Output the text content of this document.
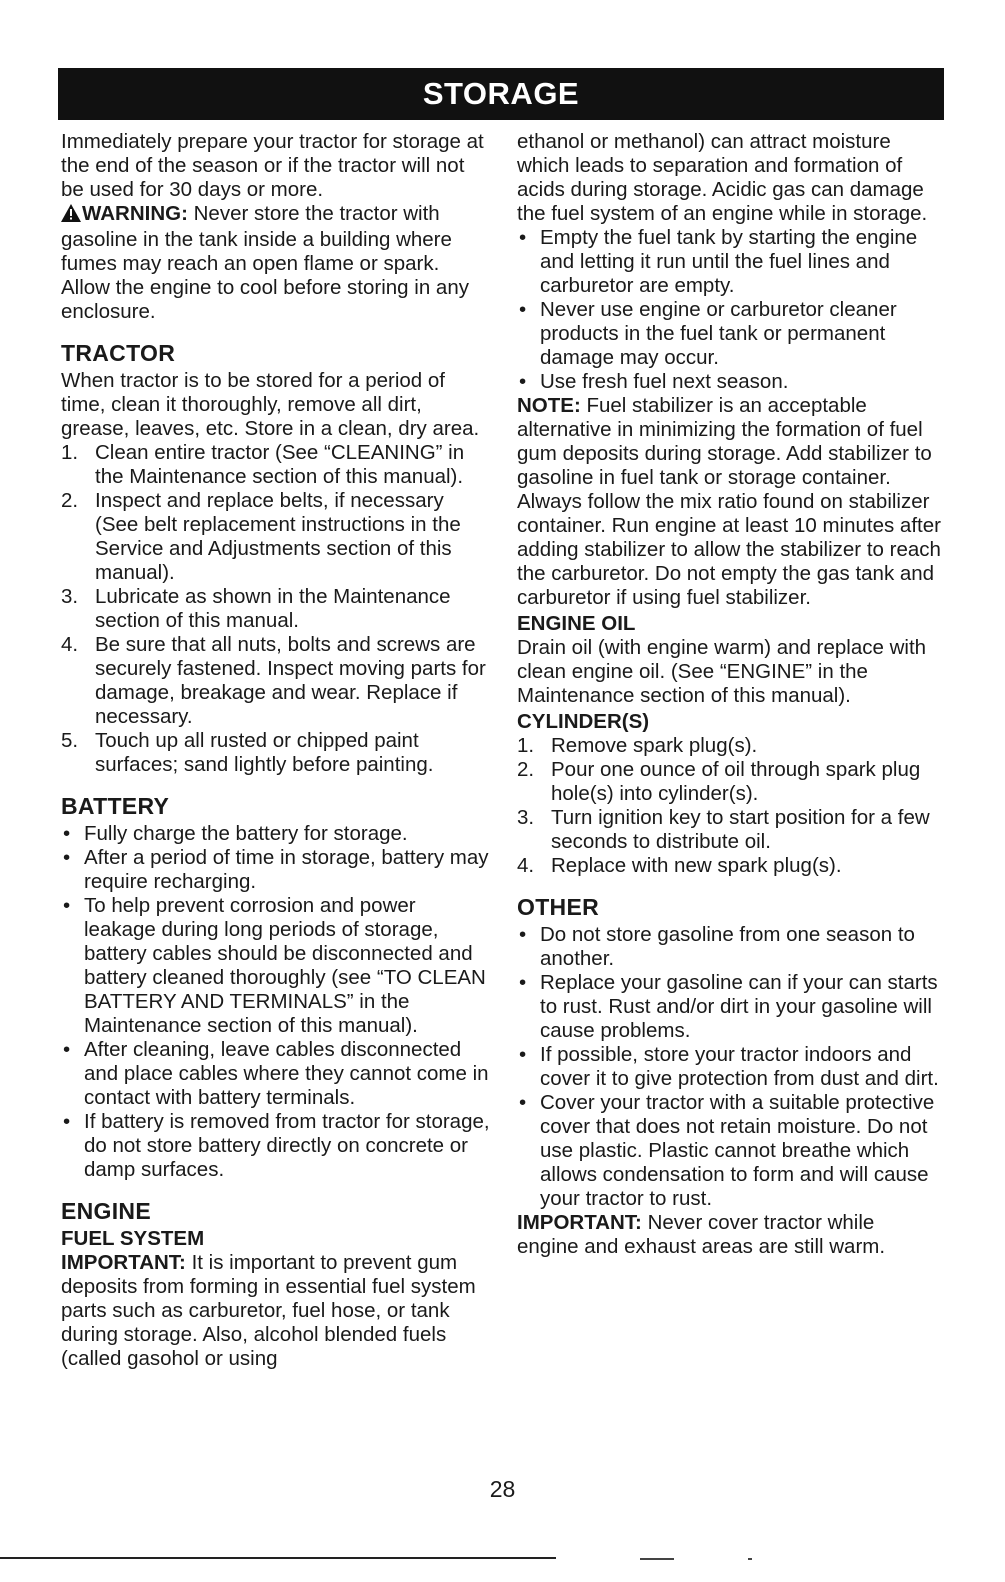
STORAGE

Immediately prepare your tractor for storage at the end of the season or if the tractor will not be used for 30 days or more.

WARNING: Never store the tractor with gasoline in the tank inside a building where fumes may reach an open flame or spark. Allow the engine to cool before storing in any enclosure.

TRACTOR

When tractor is to be stored for a period of time, clean it thoroughly, remove all dirt, grease, leaves, etc. Store in a clean, dry area.

1. Clean entire tractor (See “CLEANING” in the Maintenance section of this manual).
2. Inspect and replace belts, if necessary (See belt replacement instructions in the Service and Adjustments section of this manual).
3. Lubricate as shown in the Maintenance section of this manual.
4. Be sure that all nuts, bolts and screws are securely fastened. Inspect moving parts for damage, breakage and wear. Replace if necessary.
5. Touch up all rusted or chipped paint surfaces; sand lightly before painting.
BATTERY
• Fully charge the battery for storage.
• After a period of time in storage, battery may require recharging.
• To help prevent corrosion and power leakage during long periods of storage, battery cables should be disconnected and battery cleaned thoroughly (see “TO CLEAN BATTERY AND TERMINALS” in the Maintenance section of this manual).
• After cleaning, leave cables disconnected and place cables where they cannot come in contact with battery terminals.
• If battery is removed from tractor for storage, do not store battery directly on concrete or damp surfaces.
ENGINE
FUEL SYSTEM

IMPORTANT: It is important to prevent gum deposits from forming in essential fuel system parts such as carburetor, fuel hose, or tank during storage. Also, alcohol blended fuels (called gasohol or using

ethanol or methanol) can attract moisture which leads to separation and formation of acids during storage. Acidic gas can damage the fuel system of an engine while in storage.

• Empty the fuel tank by starting the engine and letting it run until the fuel lines and carburetor are empty.
• Never use engine or carburetor cleaner products in the fuel tank or permanent damage may occur.
• Use fresh fuel next season.

NOTE: Fuel stabilizer is an acceptable alternative in minimizing the formation of fuel gum deposits during storage. Add stabilizer to gasoline in fuel tank or storage container. Always follow the mix ratio found on stabilizer container. Run engine at least 10 minutes after adding stabilizer to allow the stabilizer to reach the carburetor. Do not empty the gas tank and carburetor if using fuel stabilizer.

ENGINE OIL

Drain oil (with engine warm) and replace with clean engine oil. (See “ENGINE” in the Maintenance section of this manual).

CYLINDER(S)
1. Remove spark plug(s).
2. Pour one ounce of oil through spark plug hole(s) into cylinder(s).
3. Turn ignition key to start position for a few seconds to distribute oil.
4. Replace with new spark plug(s).
OTHER
• Do not store gasoline from one season to another.
• Replace your gasoline can if your can starts to rust. Rust and/or dirt in your gasoline will cause problems.
• If possible, store your tractor indoors and cover it to give protection from dust and dirt.
• Cover your tractor with a suitable protective cover that does not retain moisture. Do not use plastic. Plastic cannot breathe which allows condensation to form and will cause your tractor to rust.

IMPORTANT: Never cover tractor while engine and exhaust areas are still warm.

28
